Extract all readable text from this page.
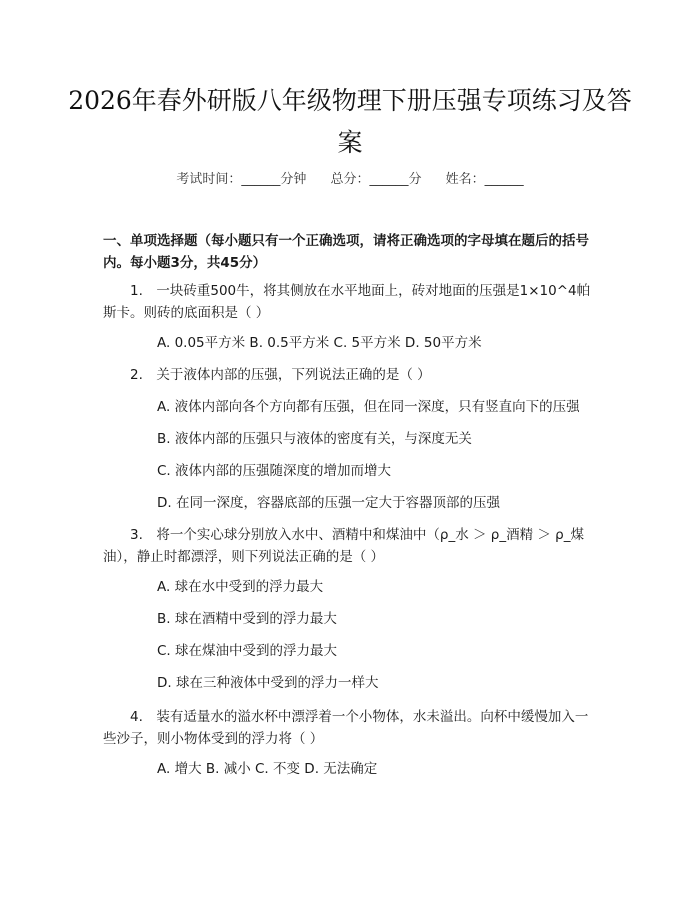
2026年春外研版八年级物理下册压强专项练习及答案
考试时间：______分钟 总分：______分 姓名：______
一、单项选择题（每小题只有一个正确选项，请将正确选项的字母填在题后的括号内。每小题3分，共45分）
1.　一块砖重500牛，将其侧放在水平地面上，砖对地面的压强是1×10^4帕斯卡。则砖的底面积是（ ）
A. 0.05平方米 B. 0.5平方米 C. 5平方米 D. 50平方米
2.　关于液体内部的压强，下列说法正确的是（ ）
A. 液体内部向各个方向都有压强，但在同一深度，只有竖直向下的压强
B. 液体内部的压强只与液体的密度有关，与深度无关
C. 液体内部的压强随深度的增加而增大
D. 在同一深度，容器底部的压强一定大于容器顶部的压强
3.　将一个实心球分别放入水中、酒精中和煤油中（ρ_水 ＞ ρ_酒精 ＞ ρ_煤油），静止时都漂浮，则下列说法正确的是（ ）
A. 球在水中受到的浮力最大
B. 球在酒精中受到的浮力最大
C. 球在煤油中受到的浮力最大
D. 球在三种液体中受到的浮力一样大
4.　装有适量水的溢水杯中漂浮着一个小物体，水未溢出。向杯中缓慢加入一些沙子，则小物体受到的浮力将（ ）
A. 增大 B. 减小 C. 不变 D. 无法确定
